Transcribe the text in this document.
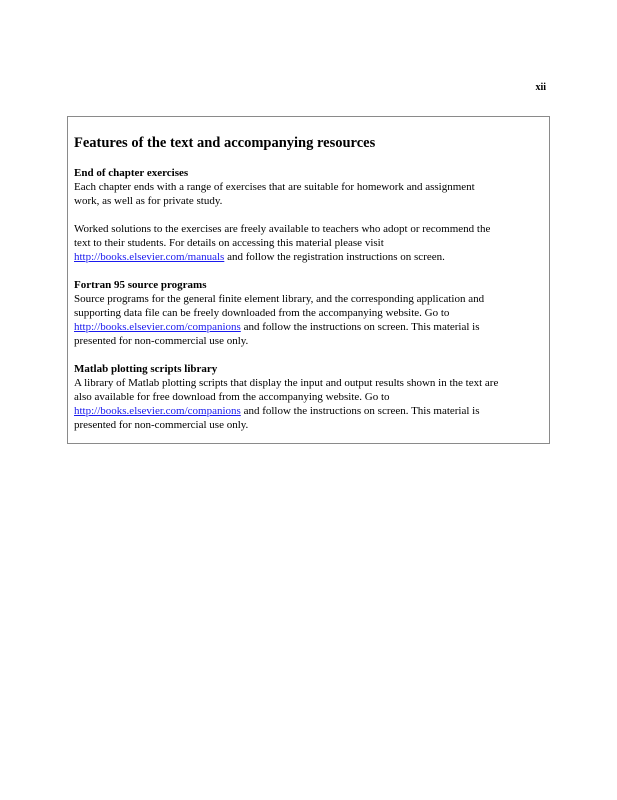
xii
Features of the text and accompanying resources
End of chapter exercises

Each chapter ends with a range of exercises that are suitable for homework and assignment
work, as well as for private study.

Worked solutions to the exercises are freely available to teachers who adopt or recommend the
text to their students. For details on accessing this material please visit
http://books.elsevier.com/manuals and follow the registration instructions on screen.

Fortran 95 source programs

Source programs for the general finite element library, and the corresponding application and
supporting data file can be freely downloaded from the accompanying website. Go to
http://books.elsevier.com/companions and follow the instructions on screen. This material is
presented for non-commercial use only.

Matlab plotting scripts library

A library of Matlab plotting scripts that display the input and output results shown in the text are
also available for free download from the accompanying website. Go to
http://books.elsevier.com/companions and follow the instructions on screen. This material is
presented for non-commercial use only.
